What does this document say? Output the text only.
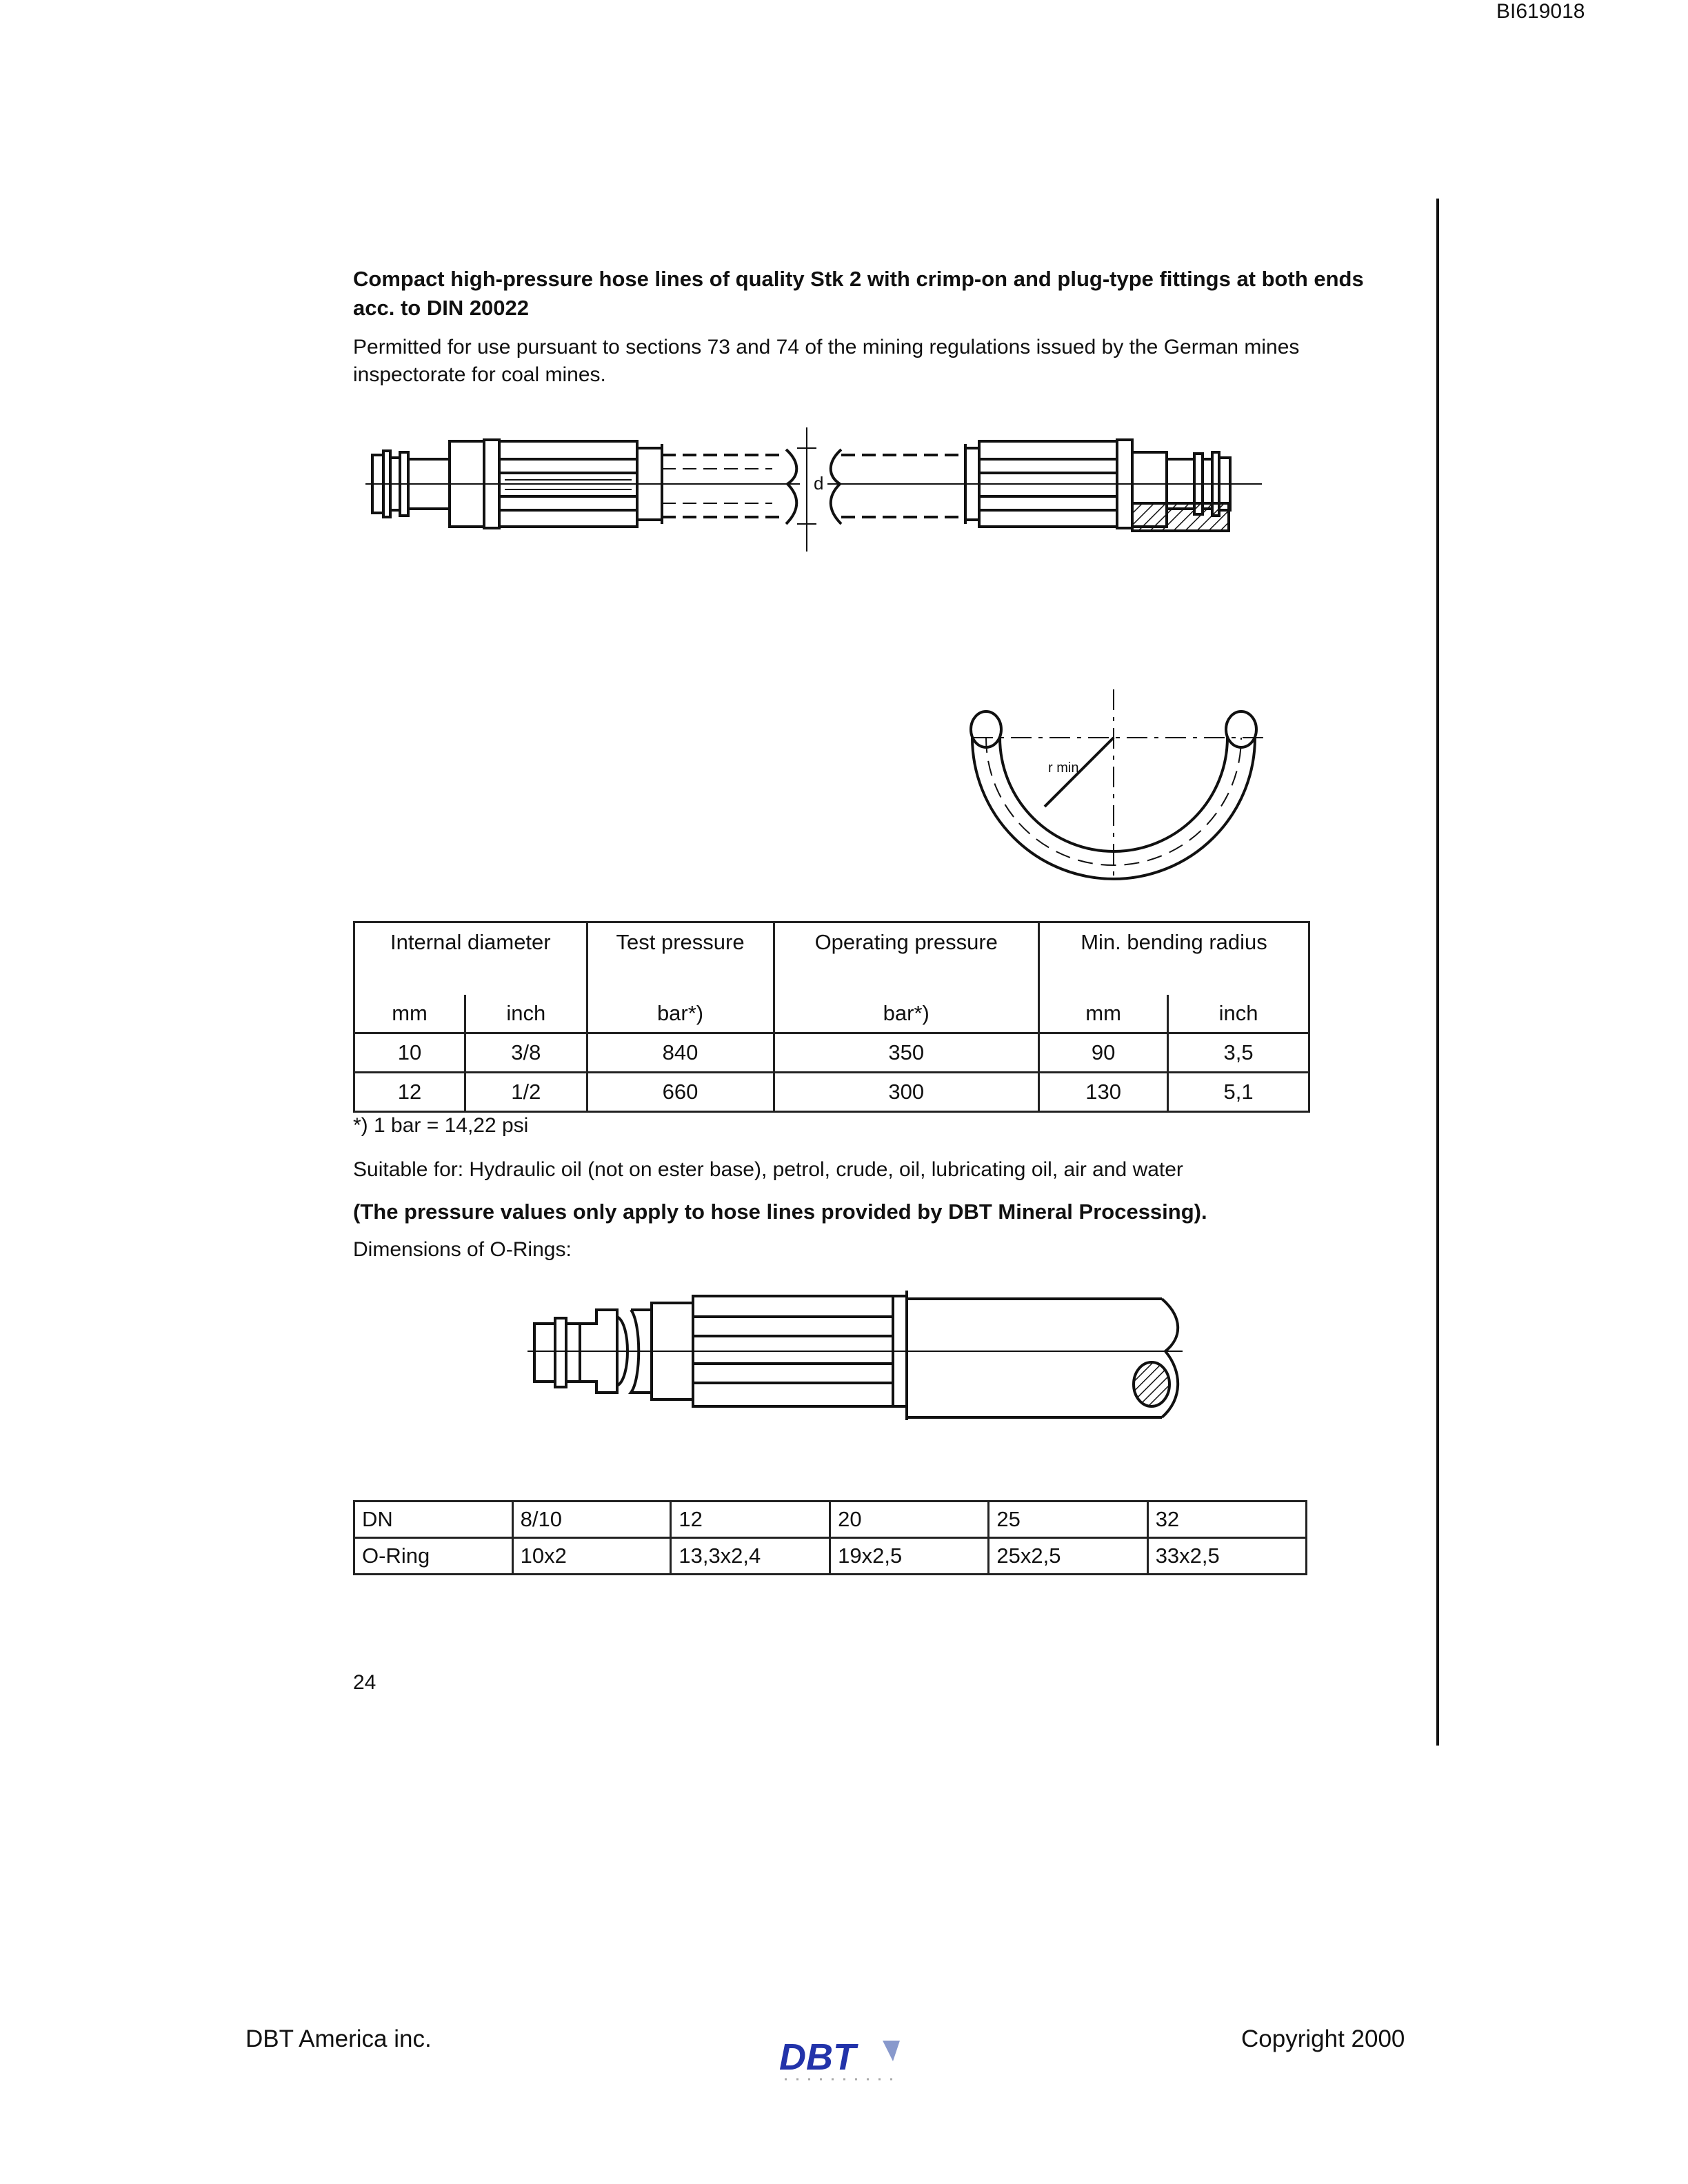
BI619018
Compact high-pressure hose lines of quality Stk 2 with crimp-on and plug-type fittings at both ends acc. to DIN 20022
Permitted for use pursuant to sections 73 and 74 of the mining regulations issued by the German mines inspectorate for coal mines.
d
r min
Internal diameter		Test pressure	Operating pressure	Min. bending radius	
mm	inch	bar*)	bar*)	mm	inch
10	3/8	840	350	90	3,5
12	1/2	660	300	130	5,1
*) 1 bar = 14,22 psi
Suitable for: Hydraulic oil (not on ester base), petrol, crude, oil, lubricating oil, air and water
(The pressure values only apply to hose lines provided by DBT Mineral Processing).
Dimensions of O-Rings:
DN	8/10	12	20	25	32
O-Ring	10x2	13,3x2,4	19x2,5	25x2,5	33x2,5
24
DBT America inc.	Copyright 2000
DBT
